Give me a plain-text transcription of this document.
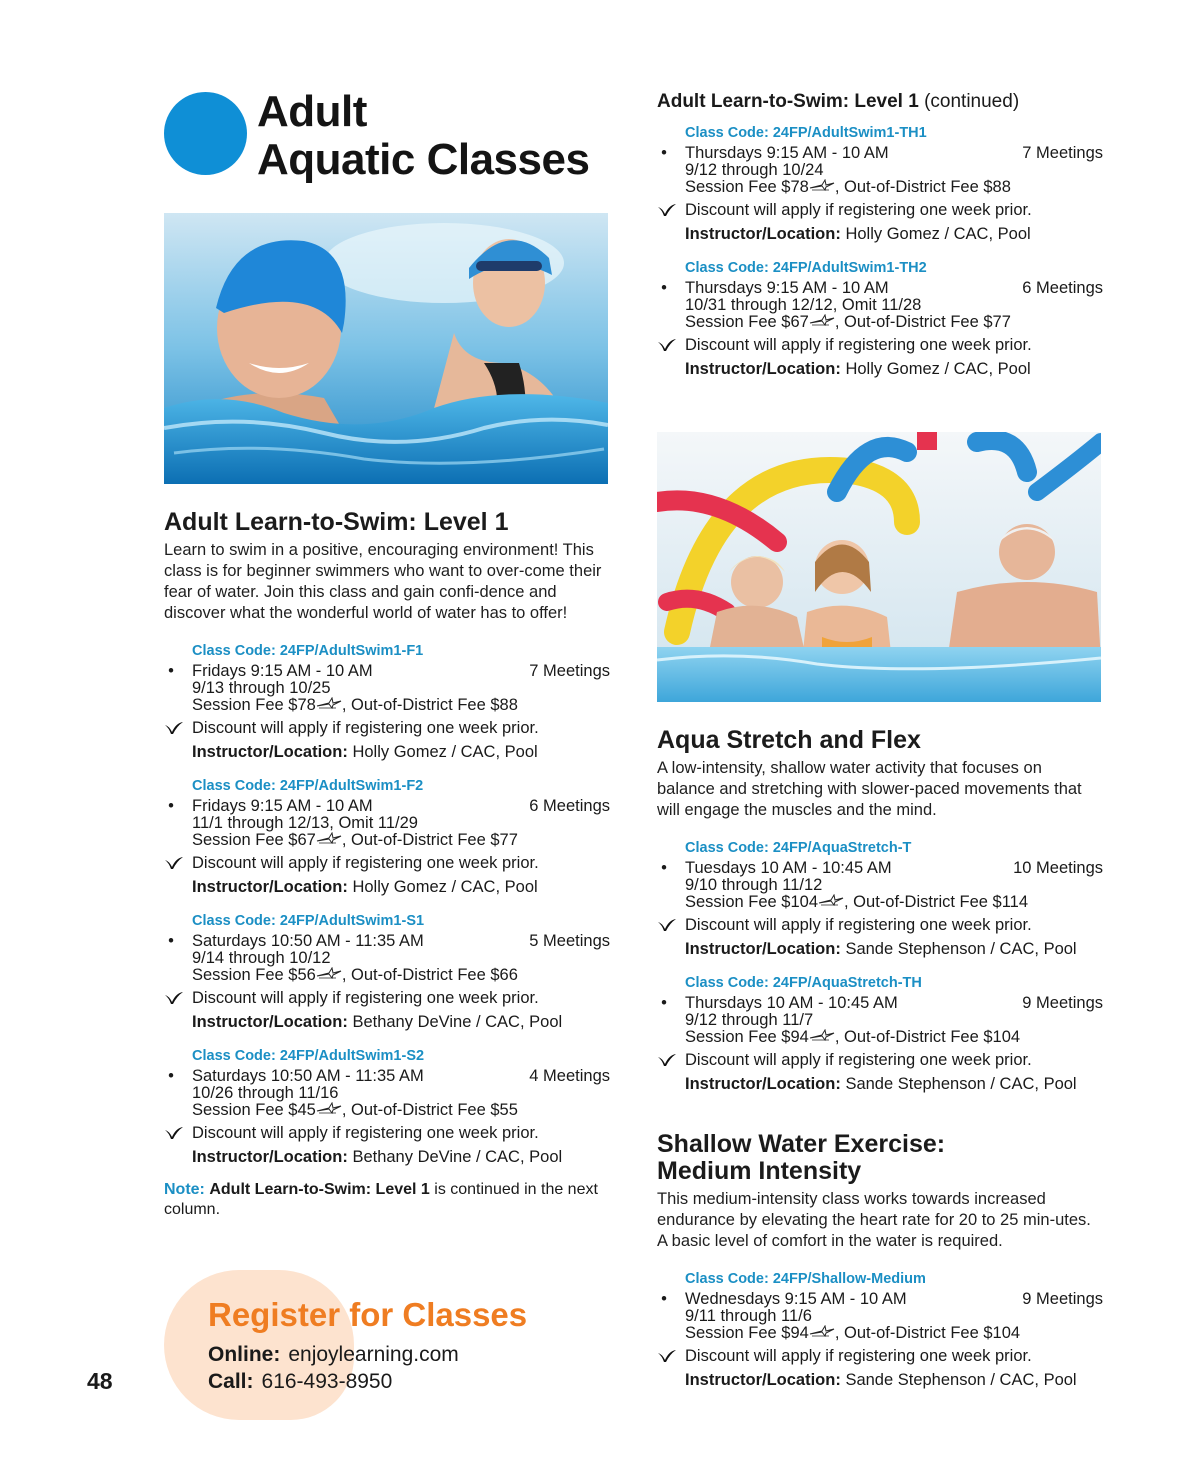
Adult
Aquatic Classes
Adult Learn-to-Swim: Level 1

Learn to swim in a positive, encouraging environment! This class is for beginner swimmers who want to over-come their fear of water. Join this class and gain confi-dence and discover what the wonderful world of water has to offer!

Class Code: 24FP/AdultSwim1-F1
• Fridays 9:15 AM - 10 AM	7 Meetings
9/13 through 10/25
Session Fee $78 , Out-of-District Fee $88
Discount will apply if registering one week prior.
Instructor/Location: Holly Gomez / CAC, Pool
Class Code: 24FP/AdultSwim1-F2
• Fridays 9:15 AM - 10 AM	6 Meetings
11/1 through 12/13, Omit 11/29
Session Fee $67 , Out-of-District Fee $77
Discount will apply if registering one week prior.
Instructor/Location: Holly Gomez / CAC, Pool
Class Code: 24FP/AdultSwim1-S1
• Saturdays 10:50 AM - 11:35 AM	5 Meetings
9/14 through 10/12
Session Fee $56 , Out-of-District Fee $66
Discount will apply if registering one week prior.
Instructor/Location: Bethany DeVine / CAC, Pool
Class Code: 24FP/AdultSwim1-S2
• Saturdays 10:50 AM - 11:35 AM	4 Meetings
10/26 through 11/16
Session Fee $45 , Out-of-District Fee $55
Discount will apply if registering one week prior.
Instructor/Location: Bethany DeVine / CAC, Pool
Note: Adult Learn-to-Swim: Level 1 is continued in the next column.
Adult Learn-to-Swim: Level 1 (continued)
Class Code: 24FP/AdultSwim1-TH1
• Thursdays 9:15 AM - 10 AM	7 Meetings
9/12 through 10/24
Session Fee $78 , Out-of-District Fee $88
Discount will apply if registering one week prior.
Instructor/Location: Holly Gomez / CAC, Pool
Class Code: 24FP/AdultSwim1-TH2
• Thursdays 9:15 AM - 10 AM	6 Meetings
10/31 through 12/12, Omit 11/28
Session Fee $67 , Out-of-District Fee $77
Discount will apply if registering one week prior.
Instructor/Location: Holly Gomez / CAC, Pool
Aqua Stretch and Flex

A low-intensity, shallow water activity that focuses on balance and stretching with slower-paced movements that will engage the muscles and the mind.

Class Code: 24FP/AquaStretch-T
• Tuesdays 10 AM - 10:45 AM	10 Meetings
9/10 through 11/12
Session Fee $104 , Out-of-District Fee $114
Discount will apply if registering one week prior.
Instructor/Location: Sande Stephenson / CAC, Pool
Class Code: 24FP/AquaStretch-TH
• Thursdays 10 AM - 10:45 AM	9 Meetings
9/12 through 11/7
Session Fee $94 , Out-of-District Fee $104
Discount will apply if registering one week prior.
Instructor/Location: Sande Stephenson / CAC, Pool
Shallow Water Exercise:
Medium Intensity

This medium-intensity class works towards increased endurance by elevating the heart rate for 20 to 25 min-utes. A basic level of comfort in the water is required.

Class Code: 24FP/Shallow-Medium
• Wednesdays 9:15 AM - 10 AM	9 Meetings
9/11 through 11/6
Session Fee $94 , Out-of-District Fee $104
Discount will apply if registering one week prior.
Instructor/Location: Sande Stephenson / CAC, Pool
Register for Classes
Online: enjoylearning.com
Call: 616-493-8950
48
